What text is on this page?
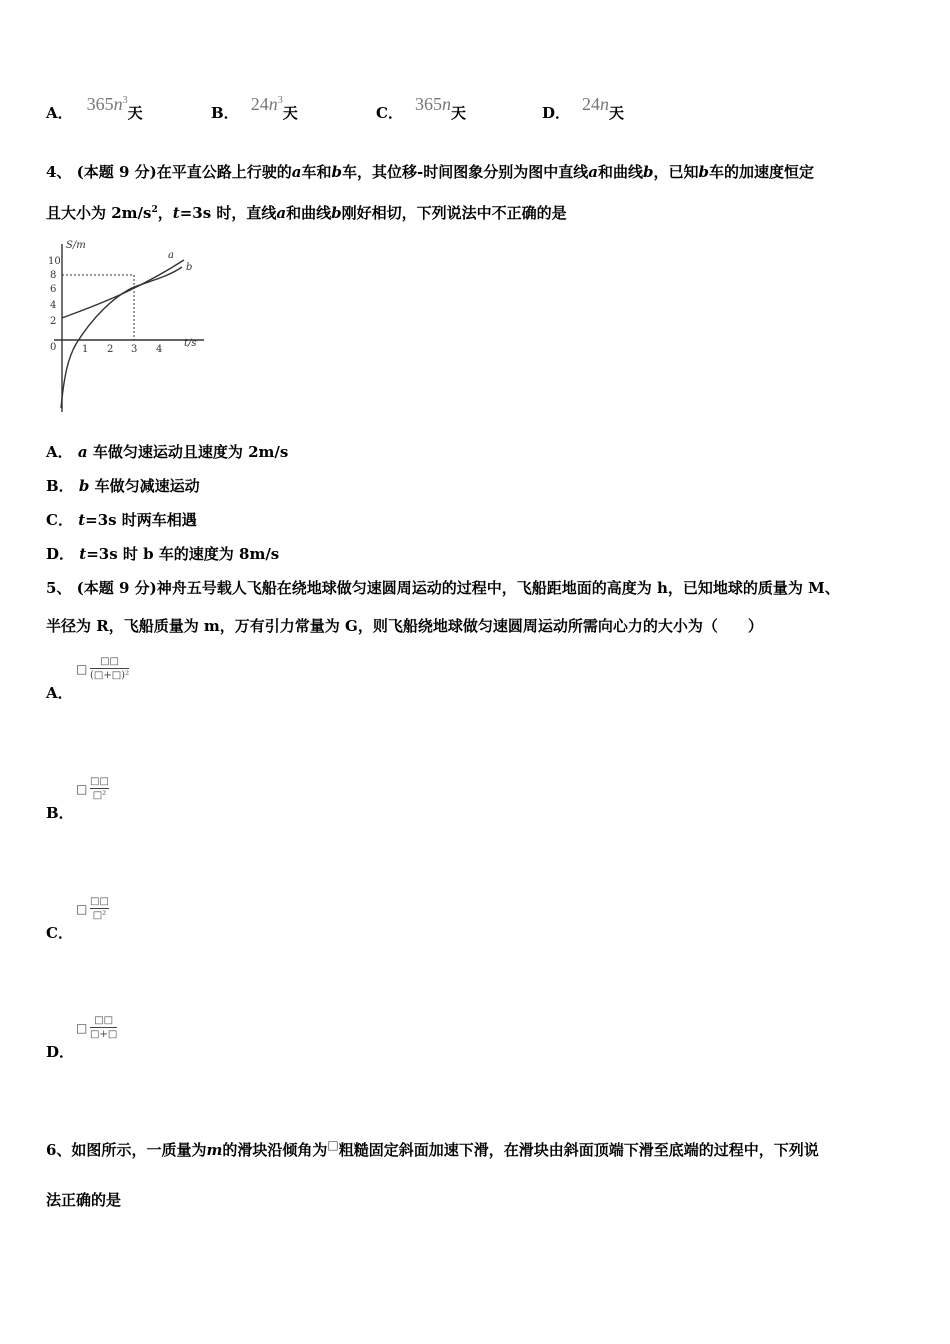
A． $365n^3$
天	B． $24n^3$
天	C． 365n 天	D． 24n 天
4、 (本题 9 分)在平直公路上行驶的a车和b车，其位移-时间图象分别为图中直线a和曲线b，已知b车的加速度恒定
且大小为 $2m/s^2$，t=3s 时，直线a和曲线b刚好相切，下列说法中不正确的是
S/m
t/s
0
10
8
6
4
2
1 2 3 4
a
b
A． a 车做匀速运动且速度为 2m/s
B． b 车做匀减速运动
C． t=3s 时两车相遇
D． t=3s 时 b 车的速度为 8m/s
5、 (本题 9 分)神舟五号载人飞船在绕地球做匀速圆周运动的过程中，飞船距地面的高度为 h，已知地球的质量为 M、
半径为 R，飞船质量为 m，万有引力常量为 G，则飞船绕地球做匀速圆周运动所需向心力的大小为（　　）
□
□□
(□+□)²
A．
□
□□
□²
B．
□
□□
□²
C．
□
□□
□+□
D．
6、如图所示，一质量为m的滑块沿倾角为□粗糙固定斜面加速下滑，在滑块由斜面顶端下滑至底端的过程中，下列说
法正确的是
